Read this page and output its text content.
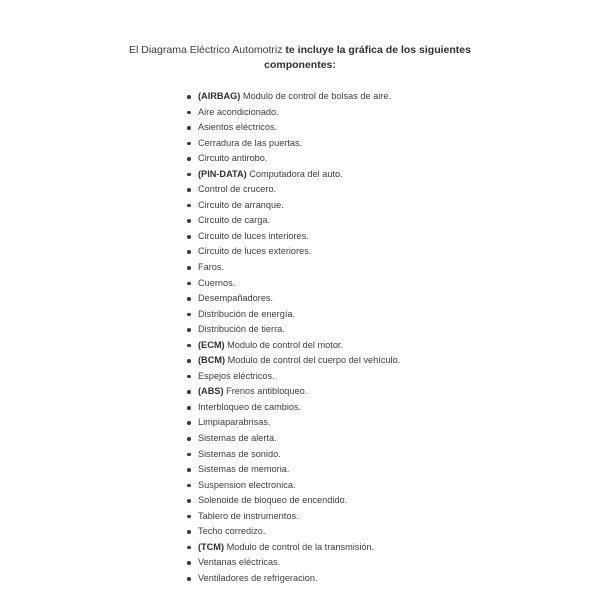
El Diagrama Eléctrico Automotriz te incluye la gráfica de los siguientes
componentes:
(AIRBAG) Modulo de control de bolsas de aire.
Aire acondicionado.
Asientos eléctricos.
Cerradura de las puertas.
Circuito antirobo.
(PIN-DATA) Computadora del auto.
Control de crucero.
Circuito de arranque.
Circuito de carga.
Circuito de luces interiores.
Circuito de luces exteriores.
Faros.
Cuernos.
Desempañadores.
Distribución de energía.
Distribución de tierra.
(ECM) Modulo de control del motor.
(BCM) Modulo de control del cuerpo del vehículo.
Espejos eléctricos.
(ABS) Frenos antibloqueo.
Interbloqueo de cambios.
Limpiaparabrisas.
Sistemas de alerta.
Sistemas de sonido.
Sistemas de memoria.
Suspension electronica.
Solenoide de bloqueo de encendido.
Tablero de instrumentos.
Techo corredizo.
(TCM) Modulo de control de la transmisión.
Ventanas eléctricas.
Ventiladores de refrigeracion.
